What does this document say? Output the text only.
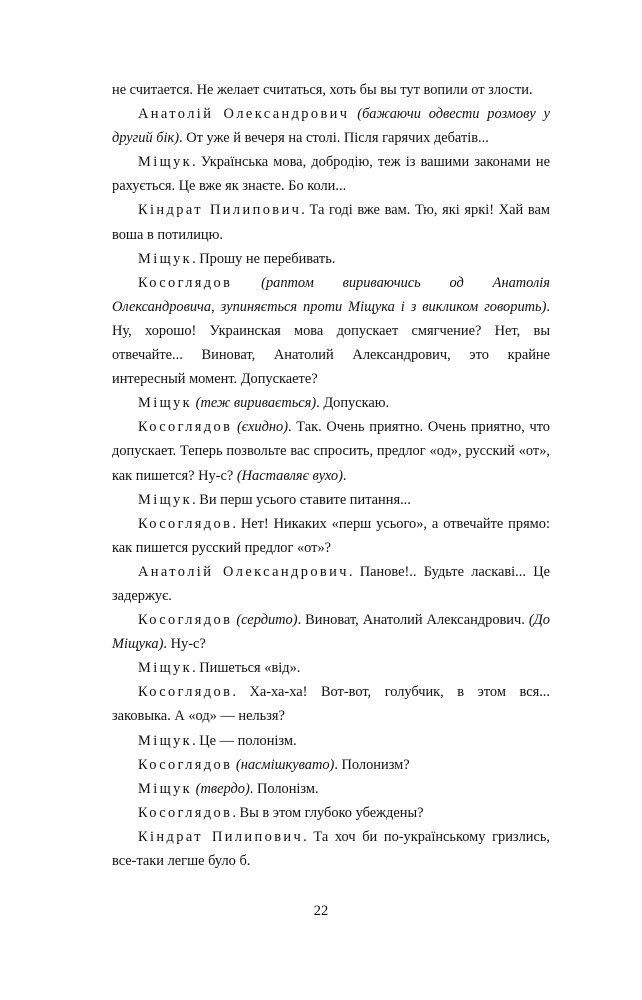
не считается. Не желает считаться, хоть бы вы тут вопили от злости.

Анатолій Олександрович (бажаючи одвести розмову у другий бік). От уже й вечеря на столі. Після гарячих дебатів...

Міщук. Українська мова, добродію, теж із вашими законами не рахується. Це вже як знаєте. Бо коли...

Кіндрат Пилипович. Та годі вже вам. Тю, які яркі! Хай вам воша в потилицю.

Міщук. Прошу не перебивать.

Косоглядов (раптом вириваючись од Анатолія Олександровича, зупиняється проти Міщука і з викликом говорить). Ну, хорошо! Украинская мова допускает смягчение? Нет, вы отвечайте... Виноват, Анатолий Александрович, это крайне интересный момент. Допускаете?

Міщук (теж виривається). Допускаю.

Косоглядов (єхидно). Так. Очень приятно. Очень приятно, что допускает. Теперь позвольте вас спросить, предлог «од», русский «от», как пишется? Ну-с? (Наставляє вухо).

Міщук. Ви перш усього ставите питання...

Косоглядов. Нет! Никаких «перш усього», а отвечайте прямо: как пишется русский предлог «от»?

Анатолій Олександрович. Панове!.. Будьте ласкаві... Це задержує.

Косоглядов (сердито). Виноват, Анатолий Александрович. (До Міщука). Ну-с?

Міщук. Пишеться «від».

Косоглядов. Ха-ха-ха! Вот-вот, голубчик, в этом вся... заковыка. А «од» — нельзя?

Міщук. Це — полонізм.

Косоглядов (насмішкувато). Полонизм?

Міщук (твердо). Полонізм.

Косоглядов. Вы в этом глубоко убеждены?

Кіндрат Пилипович. Та хоч би по-українському гризлись, все-таки легше було б.

22
